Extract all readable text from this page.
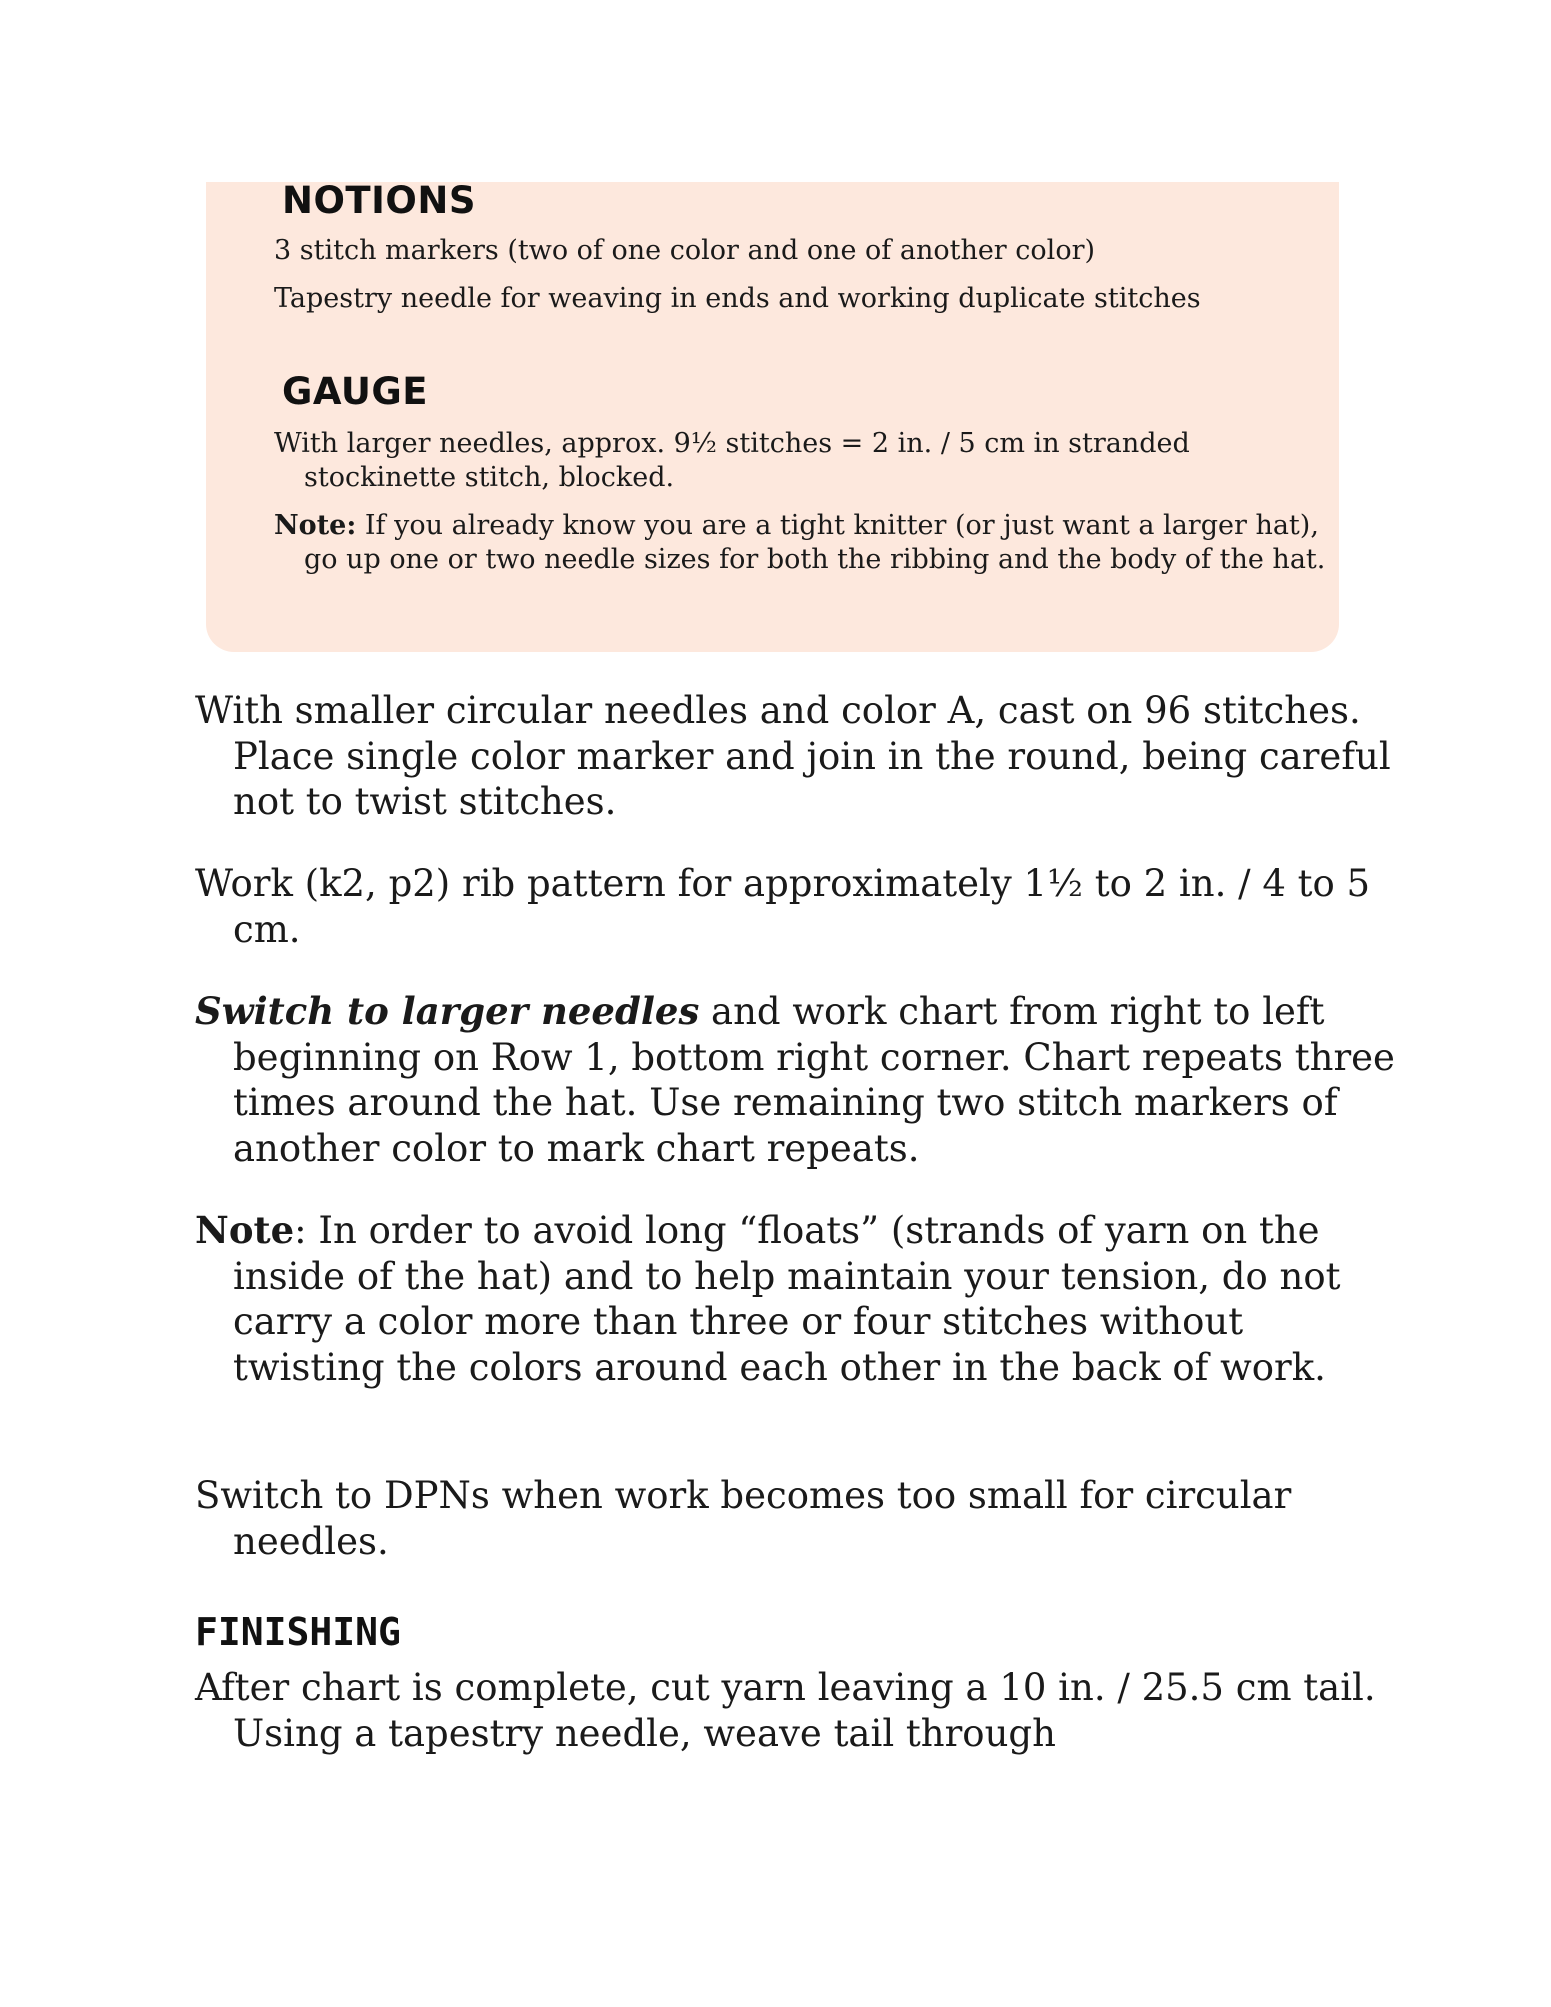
NOTIONS

3 stitch markers (two of one color and one of another color)

Tapestry needle for weaving in ends and working duplicate stitches

GAUGE

With larger needles, approx. 9½ stitches = 2 in. / 5 cm in stranded stockinette stitch, blocked.

Note: If you already know you are a tight knitter (or just want a larger hat), go up one or two needle sizes for both the ribbing and the body of the hat.

With smaller circular needles and color A, cast on 96 stitches. Place single color marker and join in the round, being careful not to twist stitches.

Work (k2, p2) rib pattern for approximately 1½ to 2 in. / 4 to 5 cm.

Switch to larger needles and work chart from right to left beginning on Row 1, bottom right corner. Chart repeats three times around the hat. Use remaining two stitch markers of another color to mark chart repeats.

Note: In order to avoid long “floats” (strands of yarn on the inside of the hat) and to help maintain your tension, do not carry a color more than three or four stitches without twisting the colors around each other in the back of work.

Switch to DPNs when work becomes too small for circular needles.

FINISHING

After chart is complete, cut yarn leaving a 10 in. / 25.5 cm tail. Using a tapestry needle, weave tail through
